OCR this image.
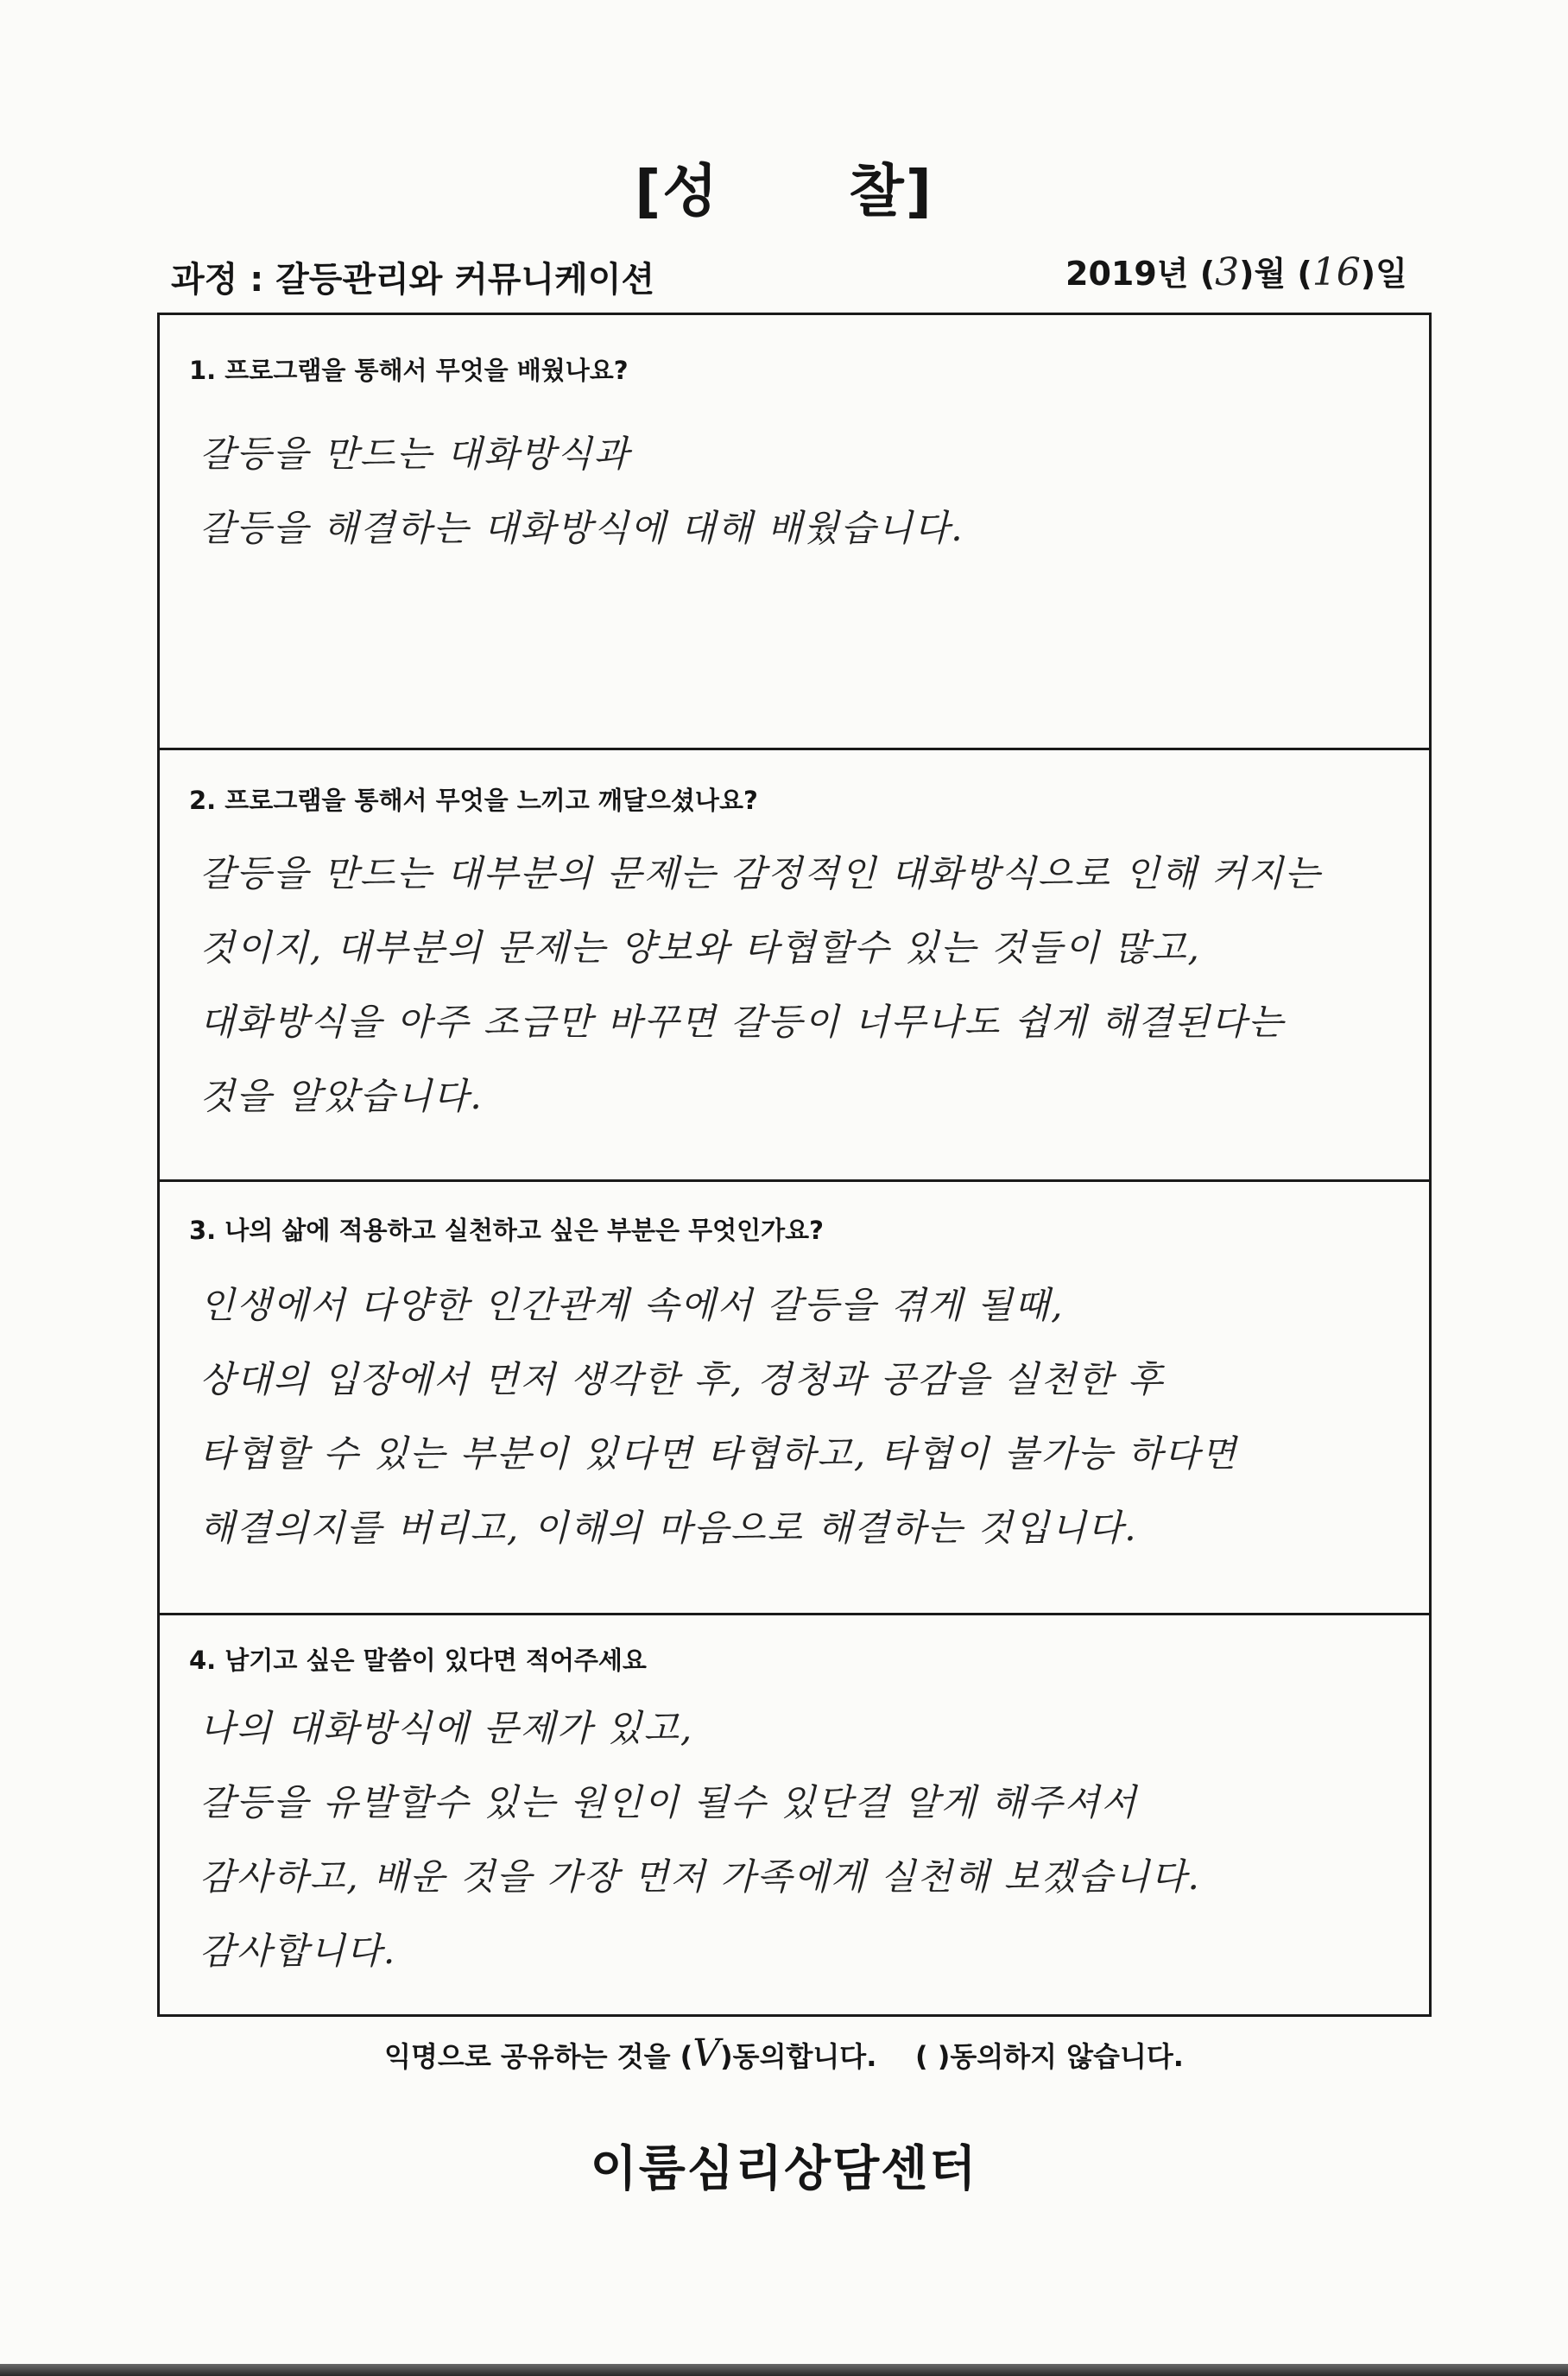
[성 찰]
과정 : 갈등관리와 커뮤니케이션	2019년 (3)월 (16)일
1. 프로그램을 통해서 무엇을 배웠나요?
갈등을 만드는 대화방식과
갈등을 해결하는 대화방식에 대해 배웠습니다.
2. 프로그램을 통해서 무엇을 느끼고 깨달으셨나요?
갈등을 만드는 대부분의 문제는 감정적인 대화방식으로 인해 커지는
것이지, 대부분의 문제는 양보와 타협할수 있는 것들이 많고,
대화방식을 아주 조금만 바꾸면 갈등이 너무나도 쉽게 해결된다는
것을 알았습니다.
3. 나의 삶에 적용하고 실천하고 싶은 부분은 무엇인가요?
인생에서 다양한 인간관계 속에서 갈등을 겪게 될때,
상대의 입장에서 먼저 생각한 후, 경청과 공감을 실천한 후
타협할 수 있는 부분이 있다면 타협하고, 타협이 불가능 하다면
해결의지를 버리고, 이해의 마음으로 해결하는 것입니다.
4. 남기고 싶은 말씀이 있다면 적어주세요
나의 대화방식에 문제가 있고,
갈등을 유발할수 있는 원인이 될수 있단걸 알게 해주셔서
감사하고, 배운 것을 가장 먼저 가족에게 실천해 보겠습니다.
감사합니다.
익명으로 공유하는 것을 (V)동의합니다. ( )동의하지 않습니다.
이룸심리상담센터
